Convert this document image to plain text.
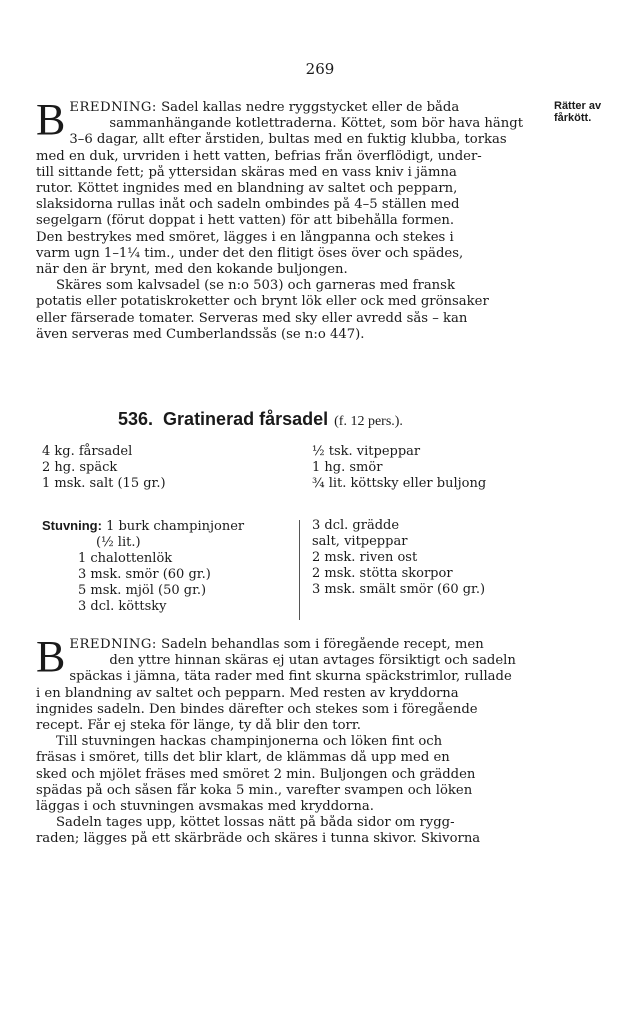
269
Rätter av fårkött.
B EREDNING: Sadel kallas nedre ryggstycket eller de båda
sammanhängande kotlettraderna. Köttet, som bör hava hängt
3–6 dagar, allt efter årstiden, bultas med en fuktig klubba, torkas
med en duk, urvriden i hett vatten, befrias från överflödigt, under-
till sittande fett; på yttersidan skäras med en vass kniv i jämna
rutor. Köttet ingnides med en blandning av saltet och pepparn,
slaksidorna rullas inåt och sadeln ombindes på 4–5 ställen med
segelgarn (förut doppat i hett vatten) för att bibehålla formen.
Den bestrykes med smöret, lägges i en långpanna och stekes i
varm ugn 1–1¼ tim., under det den flitigt öses över och spädes,
när den är brynt, med den kokande buljongen.
Skäres som kalvsadel (se n:o 503) och garneras med fransk
potatis eller potatiskroketter och brynt lök eller ock med grönsaker
eller färserade tomater. Serveras med sky eller avredd sås – kan
även serveras med Cumberlandssås (se n:o 447).
536. Gratinerad fårsadel (f. 12 pers.).
4 kg. fårsadel
2 hg. späck
1 msk. salt (15 gr.)
½ tsk. vitpeppar
1 hg. smör
¾ lit. köttsky eller buljong
Stuvning: 1 burk champinjoner
(½ lit.)
1 chalottenlök
3 msk. smör (60 gr.)
5 msk. mjöl (50 gr.)
3 dcl. köttsky
3 dcl. grädde
salt, vitpeppar
2 msk. riven ost
2 msk. stötta skorpor
3 msk. smält smör (60 gr.)
B EREDNING: Sadeln behandlas som i föregående recept, men
den yttre hinnan skäras ej utan avtages försiktigt och sadeln
späckas i jämna, täta rader med fint skurna späckstrimlor, rullade
i en blandning av saltet och pepparn. Med resten av kryddorna
ingnides sadeln. Den bindes därefter och stekes som i föregående
recept. Får ej steka för länge, ty då blir den torr.
Till stuvningen hackas champinjonerna och löken fint och
fräsas i smöret, tills det blir klart, de klämmas då upp med en
sked och mjölet fräses med smöret 2 min. Buljongen och grädden
spädas på och såsen får koka 5 min., varefter svampen och löken
läggas i och stuvningen avsmakas med kryddorna.
Sadeln tages upp, köttet lossas nätt på båda sidor om rygg-
raden; lägges på ett skärbräde och skäres i tunna skivor. Skivorna
